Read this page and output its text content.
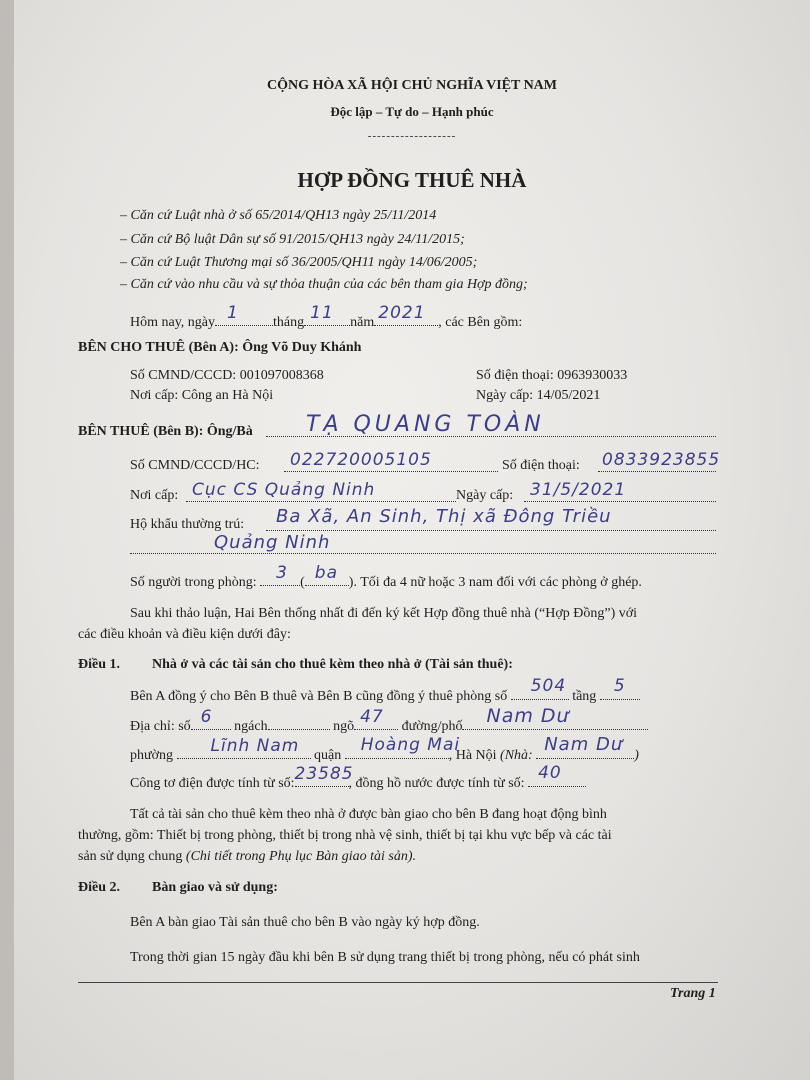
CỘNG HÒA XÃ HỘI CHỦ NGHĨA VIỆT NAM
Độc lập – Tự do – Hạnh phúc
-------------------
HỢP ĐỒNG THUÊ NHÀ
– Căn cứ Luật nhà ở số 65/2014/QH13 ngày 25/11/2014
– Căn cứ Bộ luật Dân sự số 91/2015/QH13 ngày 24/11/2015;
– Căn cứ Luật Thương mại số 36/2005/QH11 ngày 14/06/2005;
– Căn cứ vào nhu cầu và sự thỏa thuận của các bên tham gia Hợp đồng;
Hôm nay, ngày 1 tháng 11 năm 2021 , các Bên gồm:
BÊN CHO THUÊ (Bên A): Ông Võ Duy Khánh
Số CMND/CCCD: 001097008368	Số điện thoại: 0963930033
Nơi cấp: Công an Hà Nội	Ngày cấp: 14/05/2021
BÊN THUÊ (Bên B): Ông/Bà TẠ QUANG TOÀN
Số CMND/CCCD/HC: 022720005105	Số điện thoại: 0833923855
Nơi cấp: Cục CS Quảng Ninh	Ngày cấp: 31/5/2021
Hộ khẩu thường trú: Ba Xã, An Sinh, Thị xã Đông Triều
Quảng Ninh
Số người trong phòng: 3 ( ba ). Tối đa 4 nữ hoặc 3 nam đối với các phòng ở ghép.
Sau khi thảo luận, Hai Bên thống nhất đi đến ký kết Hợp đồng thuê nhà (“Hợp Đồng”) với
các điều khoản và điều kiện dưới đây:
Điều 1. Nhà ở và các tài sản cho thuê kèm theo nhà ở (Tài sản thuê):
Bên A đồng ý cho Bên B thuê và Bên B cũng đồng ý thuê phòng số
504
tầng
5
Địa chỉ: số 6 ngách	ngõ 47 đường/phố Nam Dư
phường Lĩnh Nam quận
Hoàng Mai
, Hà Nội (Nhà:
Nam Dư
)
Công tơ điện được tính từ số: 23585
, đồng hồ nước được tính từ số:
40
Tất cả tài sản cho thuê kèm theo nhà ở được bàn giao cho bên B đang hoạt động bình
thường, gồm: Thiết bị trong phòng, thiết bị trong nhà vệ sinh, thiết bị tại khu vực bếp và các tài
sản sử dụng chung (Chi tiết trong Phụ lục Bàn giao tài sản).
Điều 2. Bàn giao và sử dụng:
Bên A bàn giao Tài sản thuê cho bên B vào ngày ký hợp đồng.
Trong thời gian 15 ngày đầu khi bên B sử dụng trang thiết bị trong phòng, nếu có phát sinh
Trang 1
